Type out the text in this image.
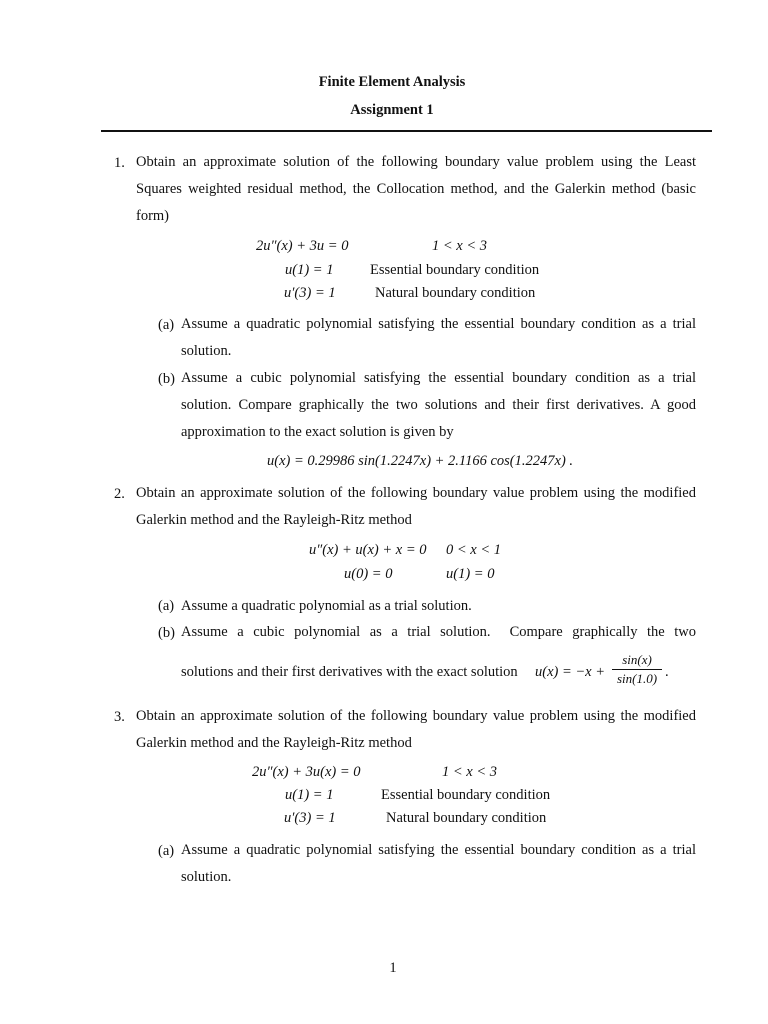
Finite Element Analysis
Assignment 1
1. Obtain an approximate solution of the following boundary value problem using the Least
Squares weighted residual method, the Collocation method, and the Galerkin method (basic
form)
2u″(x) + 3u = 0	1 < x < 3
u(1) = 1	Essential boundary condition
u′(3) = 1	Natural boundary condition
(a) Assume a quadratic polynomial satisfying the essential boundary condition as a trial
solution.
(b) Assume a cubic polynomial satisfying the essential boundary condition as a trial
solution. Compare graphically the two solutions and their first derivatives. A good
approximation to the exact solution is given by
u(x) = 0.29986 sin(1.2247x) + 2.1166 cos(1.2247x) .
2. Obtain an approximate solution of the following boundary value problem using the modified
Galerkin method and the Rayleigh-Ritz method
u″(x) + u(x) + x = 0 0 < x < 1
u(0) = 0	u(1) = 0
(a) Assume a quadratic polynomial as a trial solution.
(b) Assume  a  cubic  polynomial  as  a  trial  solution.    Compare  graphically  the  two
solutions and their first derivatives with the exact solution u(x) = −x +
sin(x)
sin(1.0) .
3. Obtain an approximate solution of the following boundary value problem using the modified
Galerkin method and the Rayleigh-Ritz method
2u″(x) + 3u(x) = 0	1 < x < 3
u(1) = 1	Essential boundary condition
u′(3) = 1	Natural boundary condition
(a) Assume a quadratic polynomial satisfying the essential boundary condition as a trial
solution.
1
